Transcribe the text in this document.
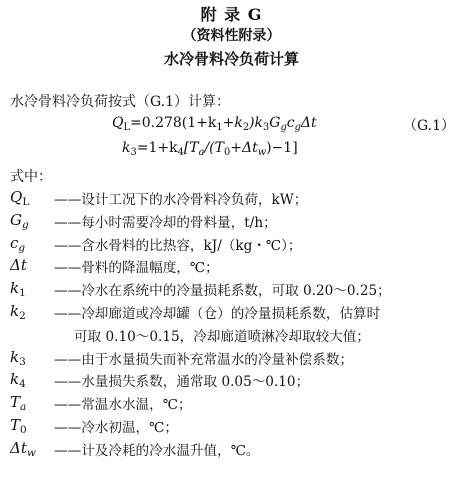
附 录 G
（资料性附录）
水冷骨料冷负荷计算
水冷骨料冷负荷按式（G.1）计算：
$Q_L=0.278(1+k_1+k_2)k_3G_gc_g\Delta t$
$k_3=1+k_4[T_a/(T_0+\Delta t_w)-1]$
（G.1）
式中：
$Q_L$	——设计工况下的水冷骨料冷负荷，kW；
$G_g$	——每小时需要冷却的骨料量，t/h；
$c_g$	——含水骨料的比热容，kJ/（kg・℃）；
Δt	——骨料的降温幅度，℃；
$k_1$	——冷水在系统中的冷量损耗系数，可取 0.20～0.25；
$k_2$	——冷却廊道或冷却罐（仓）的冷量损耗系数，估算时
可取 0.10～0.15，冷却廊道喷淋冷却取较大值；
$k_3$	——由于水量损失而补充常温水的冷量补偿系数；
$k_4$	——水量损失系数，通常取 0.05～0.10；
$T_a$	——常温水水温，℃；
$T_0$	——冷水初温，℃；
$\Delta t_w$	——计及冷耗的冷水温升值，℃。
